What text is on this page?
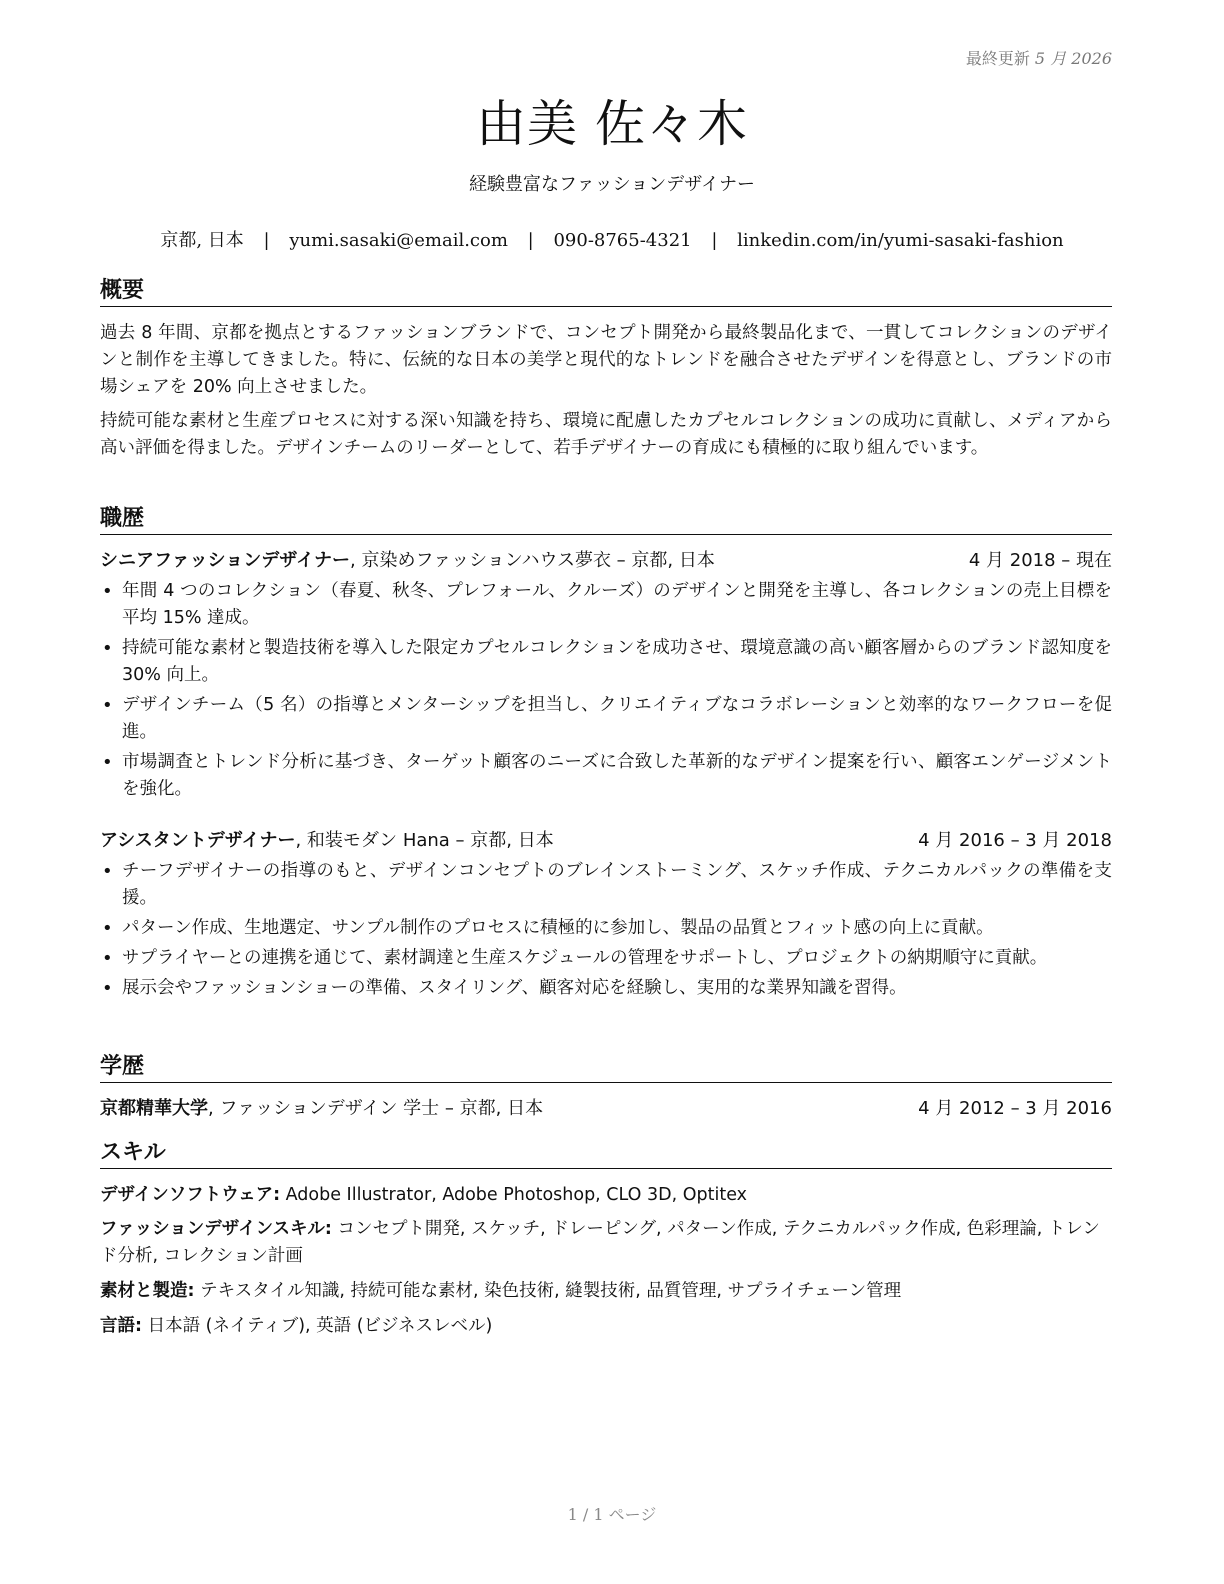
最終更新 5 月 2026
由美 佐々木
経験豊富なファッションデザイナー
京都, 日本 | yumi.sasaki@email.com | 090-8765-4321 | linkedin.com/in/yumi-sasaki-fashion
概要
過去 8 年間、京都を拠点とするファッションブランドで、コンセプト開発から最終製品化まで、一貫してコレクションのデザインと制作を主導してきました。特に、伝統的な日本の美学と現代的なトレンドを融合させたデザインを得意とし、ブランドの市場シェアを 20% 向上させました。
持続可能な素材と生産プロセスに対する深い知識を持ち、環境に配慮したカプセルコレクションの成功に貢献し、メディアから高い評価を得ました。デザインチームのリーダーとして、若手デザイナーの育成にも積極的に取り組んでいます。
職歴
シニアファッションデザイナー, 京染めファッションハウス夢衣 – 京都, 日本	4 月 2018 – 現在
• 年間 4 つのコレクション（春夏、秋冬、プレフォール、クルーズ）のデザインと開発を主導し、各コレクションの売上目標を平均 15% 達成。
• 持続可能な素材と製造技術を導入した限定カプセルコレクションを成功させ、環境意識の高い顧客層からのブランド認知度を 30% 向上。
• デザインチーム（5 名）の指導とメンターシップを担当し、クリエイティブなコラボレーションと効率的なワークフローを促進。
• 市場調査とトレンド分析に基づき、ターゲット顧客のニーズに合致した革新的なデザイン提案を行い、顧客エンゲージメントを強化。
アシスタントデザイナー, 和装モダン Hana – 京都, 日本	4 月 2016 – 3 月 2018
• チーフデザイナーの指導のもと、デザインコンセプトのブレインストーミング、スケッチ作成、テクニカルパックの準備を支援。
• パターン作成、生地選定、サンプル制作のプロセスに積極的に参加し、製品の品質とフィット感の向上に貢献。
• サプライヤーとの連携を通じて、素材調達と生産スケジュールの管理をサポートし、プロジェクトの納期順守に貢献。
• 展示会やファッションショーの準備、スタイリング、顧客対応を経験し、実用的な業界知識を習得。
学歴
京都精華大学, ファッションデザイン 学士 – 京都, 日本	4 月 2012 – 3 月 2016
スキル
デザインソフトウェア: Adobe Illustrator, Adobe Photoshop, CLO 3D, Optitex
ファッションデザインスキル: コンセプト開発, スケッチ, ドレーピング, パターン作成, テクニカルパック作成, 色彩理論, トレンド分析, コレクション計画
素材と製造: テキスタイル知識, 持続可能な素材, 染色技術, 縫製技術, 品質管理, サプライチェーン管理
言語: 日本語 (ネイティブ), 英語 (ビジネスレベル)
1 / 1 ページ
